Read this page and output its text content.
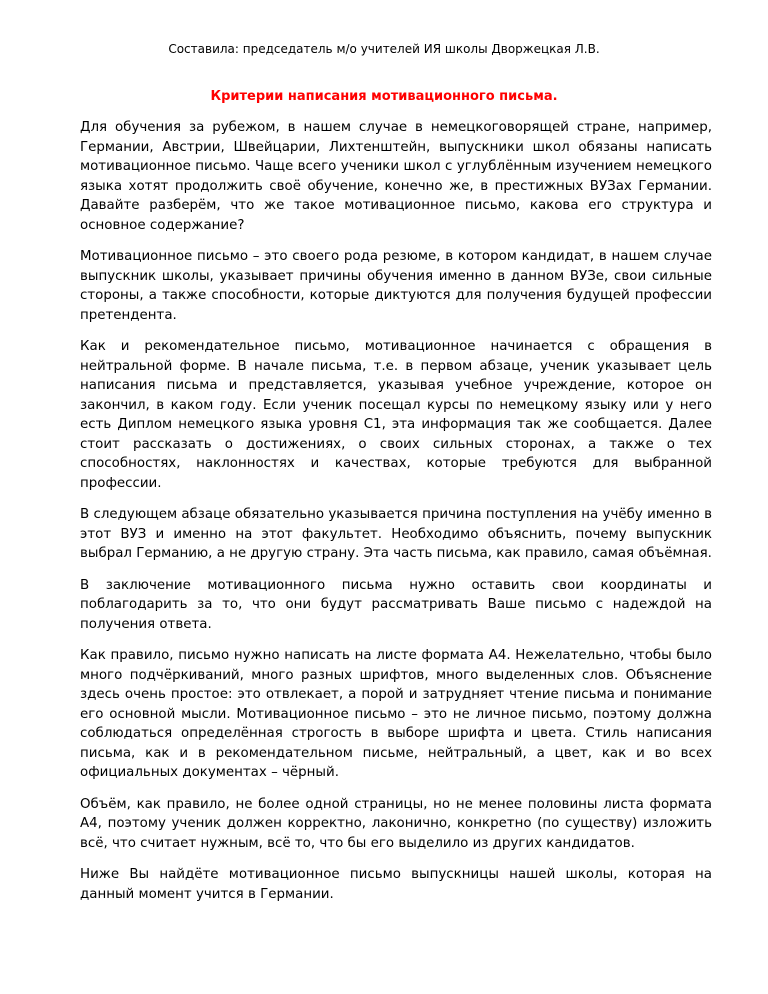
Составила: председатель м/о учителей ИЯ школы Дворжецкая Л.В.
Критерии написания мотивационного письма.

Для обучения за рубежом, в нашем случае в немецкоговорящей стране, например, Германии, Австрии, Швейцарии, Лихтенштейн, выпускники школ обязаны написать мотивационное письмо. Чаще всего ученики школ с углублённым изучением немецкого языка хотят продолжить своё обучение, конечно же, в престижных ВУЗах Германии. Давайте разберём, что же такое мотивационное письмо, какова его структура и основное содержание?

Мотивационное письмо – это своего рода резюме, в котором кандидат, в нашем случае выпускник школы, указывает причины обучения именно в данном ВУЗе, свои сильные стороны, а также способности, которые диктуются для получения будущей профессии претендента.

Как и рекомендательное письмо, мотивационное начинается с обращения в нейтральной форме. В начале письма, т.е. в первом абзаце, ученик указывает цель написания письма и представляется, указывая учебное учреждение, которое он закончил, в каком году. Если ученик посещал курсы по немецкому языку или у него есть Диплом немецкого языка уровня С1, эта информация так же сообщается. Далее стоит рассказать о достижениях, о своих сильных сторонах, а также о тех способностях, наклонностях и качествах, которые требуются для выбранной профессии.

В следующем абзаце обязательно указывается причина поступления на учёбу именно в этот ВУЗ и именно на этот факультет. Необходимо объяснить, почему выпускник выбрал Германию, а не другую страну. Эта часть письма, как правило, самая объёмная.

В заключение мотивационного письма нужно оставить свои координаты и поблагодарить за то, что они будут рассматривать Ваше письмо с надеждой на получения ответа.

Как правило, письмо нужно написать на листе формата А4. Нежелательно, чтобы было много подчёркиваний, много разных шрифтов, много выделенных слов. Объяснение здесь очень простое: это отвлекает, а порой и затрудняет чтение письма и понимание его основной мысли. Мотивационное письмо – это не личное письмо, поэтому должна соблюдаться определённая строгость в выборе шрифта и цвета. Стиль написания письма, как и в рекомендательном письме, нейтральный, а цвет, как и во всех официальных документах – чёрный.

Объём, как правило, не более одной страницы, но не менее половины листа формата А4, поэтому ученик должен корректно, лаконично, конкретно (по существу) изложить всё, что считает нужным, всё то, что бы его выделило из других кандидатов.

Ниже Вы найдёте мотивационное письмо выпускницы нашей школы, которая на данный момент учится в Германии.
